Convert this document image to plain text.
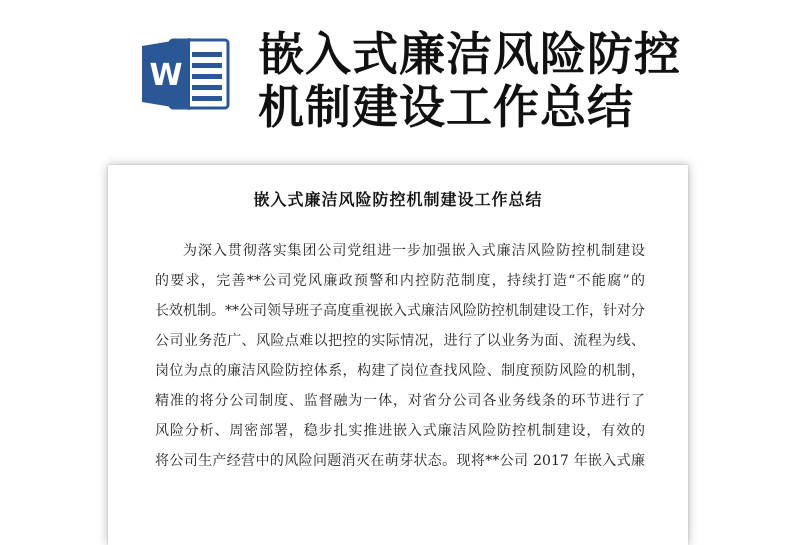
W 嵌入式廉洁风险防控
机制建设工作总结
嵌入式廉洁风险防控机制建设工作总结
为深入贯彻落实集团公司党组进一步加强嵌入式廉洁风险防控机制建设
的要求，完善**公司党风廉政预警和内控防范制度，持续打造“不能腐”的
长效机制。**公司领导班子高度重视嵌入式廉洁风险防控机制建设工作，针对分
公司业务范广、风险点难以把控的实际情况，进行了以业务为面、流程为线、
岗位为点的廉洁风险防控体系，构建了岗位查找风险、制度预防风险的机制，
精准的将分公司制度、监督融为一体，对省分公司各业务线条的环节进行了
风险分析、周密部署，稳步扎实推进嵌入式廉洁风险防控机制建设，有效的
将公司生产经营中的风险问题消灭在萌芽状态。现将**公司 2017 年嵌入式廉
